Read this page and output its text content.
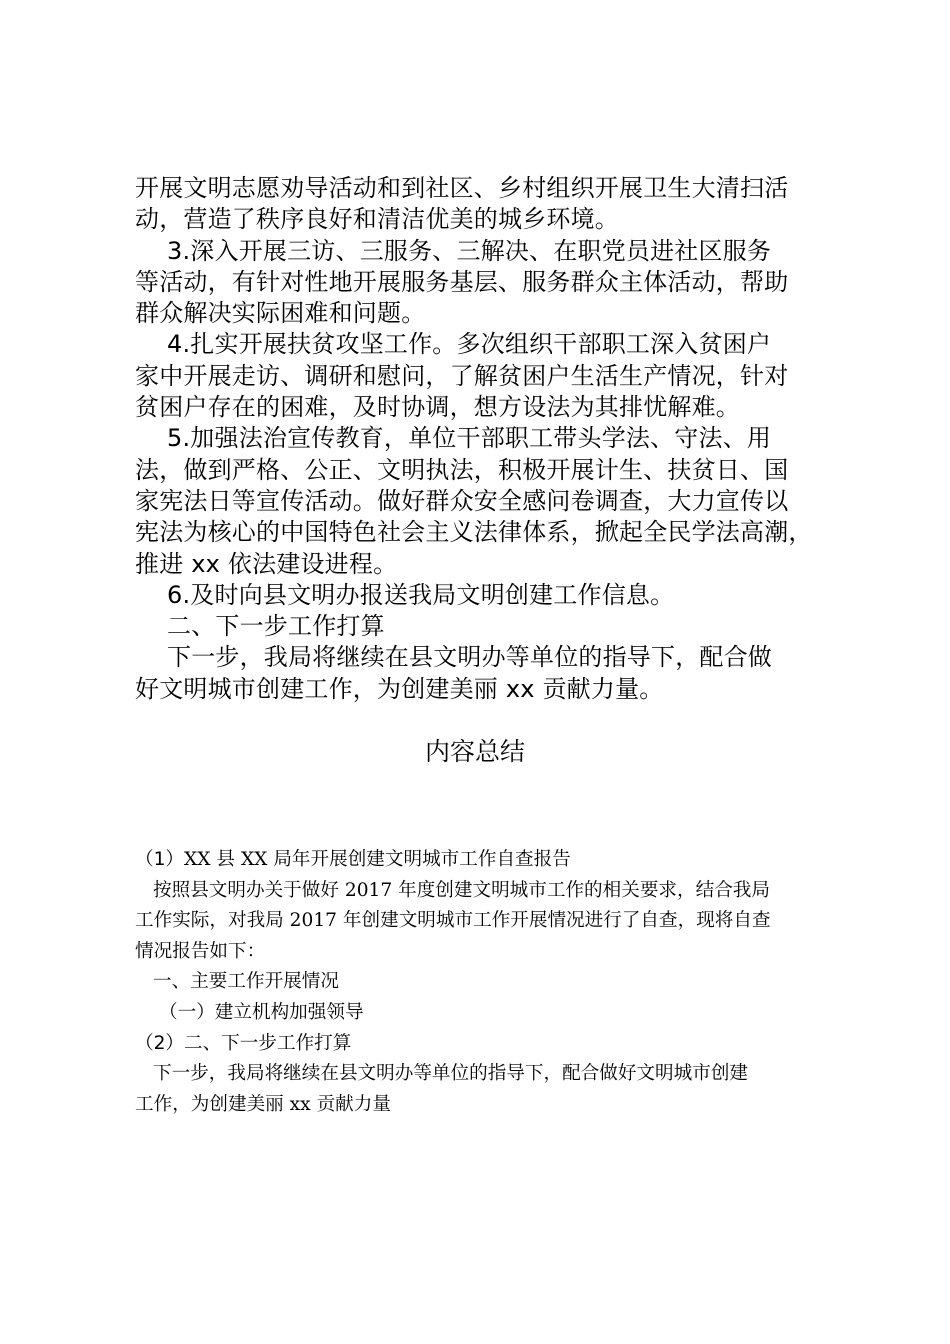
开展文明志愿劝导活动和到社区、乡村组织开展卫生大清扫活

动，营造了秩序良好和清洁优美的城乡环境。

3.深入开展三访、三服务、三解决、在职党员进社区服务

等活动，有针对性地开展服务基层、服务群众主体活动，帮助

群众解决实际困难和问题。

4.扎实开展扶贫攻坚工作。多次组织干部职工深入贫困户

家中开展走访、调研和慰问，了解贫困户生活生产情况，针对

贫困户存在的困难，及时协调，想方设法为其排忧解难。

5.加强法治宣传教育，单位干部职工带头学法、守法、用

法，做到严格、公正、文明执法，积极开展计生、扶贫日、国

家宪法日等宣传活动。做好群众安全感问卷调查，大力宣传以

宪法为核心的中国特色社会主义法律体系，掀起全民学法高潮，

推进 xx 依法建设进程。

6.及时向县文明办报送我局文明创建工作信息。

二、下一步工作打算

下一步，我局将继续在县文明办等单位的指导下，配合做

好文明城市创建工作，为创建美丽 xx 贡献力量。

内容总结

（1）XX 县 XX 局年开展创建文明城市工作自查报告

按照县文明办关于做好 2017 年度创建文明城市工作的相关要求，结合我局

工作实际，对我局 2017 年创建文明城市工作开展情况进行了自查，现将自查

情况报告如下：

一、主要工作开展情况

（一）建立机构加强领导

（2）二、下一步工作打算

下一步，我局将继续在县文明办等单位的指导下，配合做好文明城市创建

工作，为创建美丽 xx 贡献力量
